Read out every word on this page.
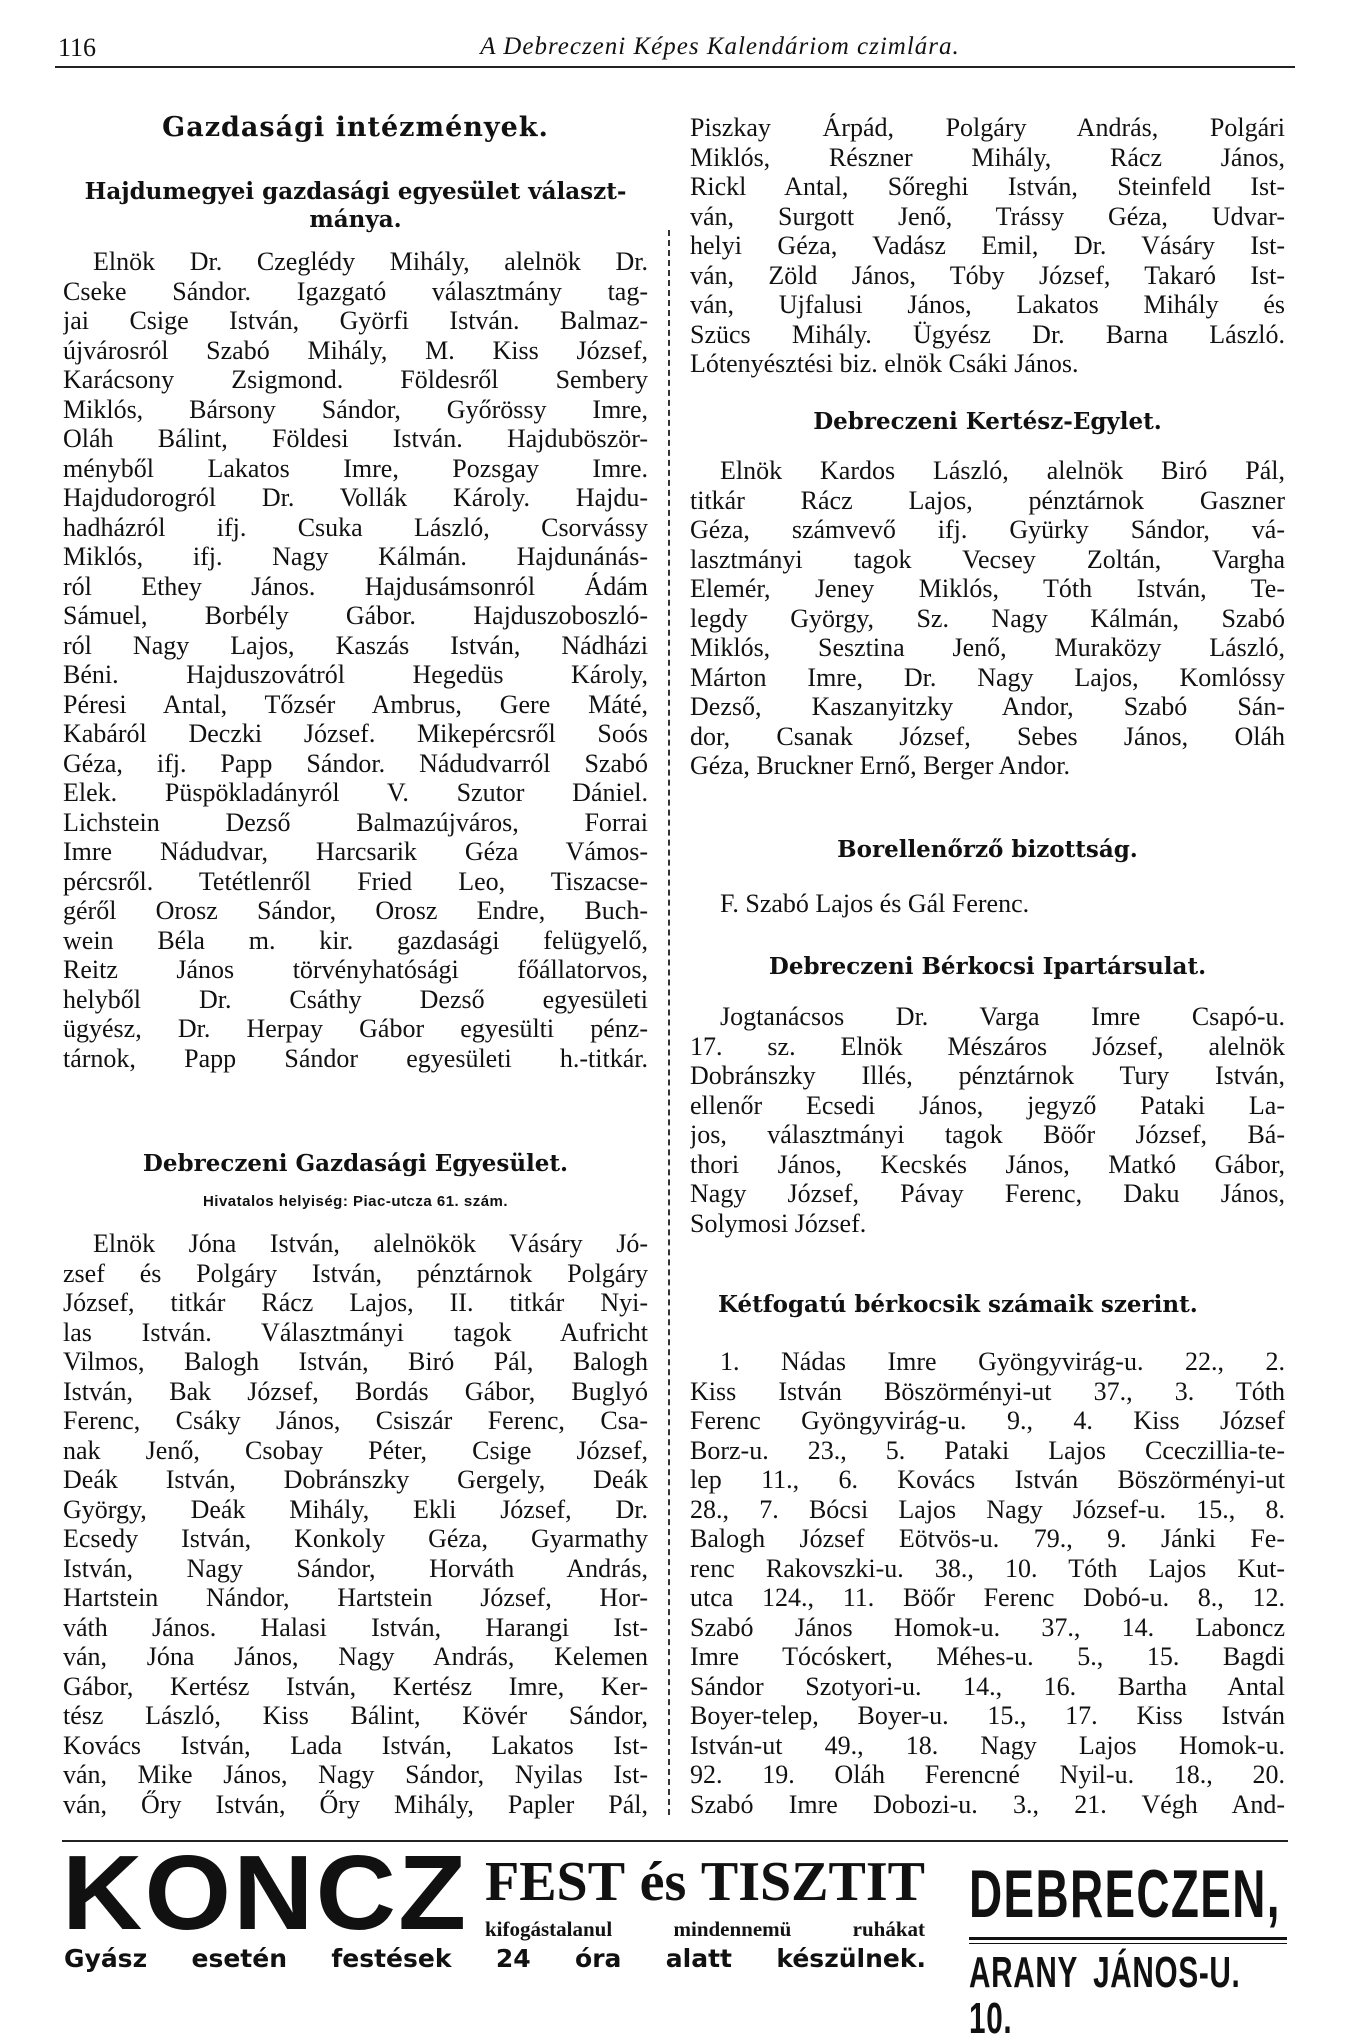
116	A Debreczeni Képes Kalendáriom czimlára.
Gazdasági intézmények.
Hajdumegyei gazdasági egyesület választ-
mánya.
Elnök Dr. Czeglédy Mihály, alelnök Dr.
Cseke Sándor. Igazgató választmány tag-
jai Csige István, Györfi István. Balmaz-
újvárosról Szabó Mihály, M. Kiss József,
Karácsony Zsigmond. Földesről Sembery
Miklós, Bársony Sándor, Győrössy Imre,
Oláh Bálint, Földesi István. Hajduböször-
ményből Lakatos Imre, Pozsgay Imre.
Hajdudorogról Dr. Vollák Károly. Hajdu-
hadházról ifj. Csuka László, Csorvássy
Miklós, ifj. Nagy Kálmán. Hajdunánás-
ról Ethey János. Hajdusámsonról Ádám
Sámuel, Borbély Gábor. Hajduszoboszló-
ról Nagy Lajos, Kaszás István, Nádházi
Béni. Hajduszovátról Hegedüs Károly,
Péresi Antal, Tőzsér Ambrus, Gere Máté,
Kabáról Deczki József. Mikepércsről Soós
Géza, ifj. Papp Sándor. Nádudvarról Szabó
Elek. Püspökladányról V. Szutor Dániel.
Lichstein Dezső Balmazújváros, Forrai
Imre Nádudvar, Harcsarik Géza Vámos-
pércsről. Tetétlenről Fried Leo, Tiszacse-
géről Orosz Sándor, Orosz Endre, Buch-
wein Béla m. kir. gazdasági felügyelő,
Reitz János törvényhatósági főállatorvos,
helyből Dr. Csáthy Dezső egyesületi
ügyész, Dr. Herpay Gábor egyesülti pénz-
tárnok, Papp Sándor egyesületi h.-titkár.
Debreczeni Gazdasági Egyesület.
Hivatalos helyiség: Piac-utcza 61. szám.
Elnök Jóna István, alelnökök Vásáry Jó-
zsef és Polgáry István, pénztárnok Polgáry
József, titkár Rácz Lajos, II. titkár Nyi-
las István. Választmányi tagok Aufricht
Vilmos, Balogh István, Biró Pál, Balogh
István, Bak József, Bordás Gábor, Buglyó
Ferenc, Csáky János, Csiszár Ferenc, Csa-
nak Jenő, Csobay Péter, Csige József,
Deák István, Dobránszky Gergely, Deák
György, Deák Mihály, Ekli József, Dr.
Ecsedy István, Konkoly Géza, Gyarmathy
István, Nagy Sándor, Horváth András,
Hartstein Nándor, Hartstein József, Hor-
váth János. Halasi István, Harangi Ist-
ván, Jóna János, Nagy András, Kelemen
Gábor, Kertész István, Kertész Imre, Ker-
tész László, Kiss Bálint, Kövér Sándor,
Kovács István, Lada István, Lakatos Ist-
ván, Mike János, Nagy Sándor, Nyilas Ist-
ván, Őry István, Őry Mihály, Papler Pál,
Piszkay Árpád, Polgáry András, Polgári
Miklós, Részner Mihály, Rácz János,
Rickl Antal, Sőreghi István, Steinfeld Ist-
ván, Surgott Jenő, Trássy Géza, Udvar-
helyi Géza, Vadász Emil, Dr. Vásáry Ist-
ván, Zöld János, Tóby József, Takaró Ist-
ván, Ujfalusi János, Lakatos Mihály és
Szücs Mihály. Ügyész Dr. Barna László.
Lótenyésztési biz. elnök Csáki János.
Debreczeni Kertész-Egylet.
Elnök Kardos László, alelnök Biró Pál,
titkár Rácz Lajos, pénztárnok Gaszner
Géza, számvevő ifj. Gyürky Sándor, vá-
lasztmányi tagok Vecsey Zoltán, Vargha
Elemér, Jeney Miklós, Tóth István, Te-
legdy György, Sz. Nagy Kálmán, Szabó
Miklós, Sesztina Jenő, Muraközy László,
Márton Imre, Dr. Nagy Lajos, Komlóssy
Dezső, Kaszanyitzky Andor, Szabó Sán-
dor, Csanak József, Sebes János, Oláh
Géza, Bruckner Ernő, Berger Andor.
Borellenőrző bizottság.
F. Szabó Lajos és Gál Ferenc.
Debreczeni Bérkocsi Ipartársulat.
Jogtanácsos Dr. Varga Imre Csapó-u.
17. sz. Elnök Mészáros József, alelnök
Dobránszky Illés, pénztárnok Tury István,
ellenőr Ecsedi János, jegyző Pataki La-
jos, választmányi tagok Böőr József, Bá-
thori János, Kecskés János, Matkó Gábor,
Nagy József, Pávay Ferenc, Daku János,
Solymosi József.
Kétfogatú bérkocsik számaik szerint.
1. Nádas Imre Gyöngyvirág-u. 22., 2.
Kiss István Böszörményi-ut 37., 3. Tóth
Ferenc Gyöngyvirág-u. 9., 4. Kiss József
Borz-u. 23., 5. Pataki Lajos Cceczillia-te-
lep 11., 6. Kovács István Böszörményi-ut
28., 7. Bócsi Lajos Nagy József-u. 15., 8.
Balogh József Eötvös-u. 79., 9. Jánki Fe-
renc Rakovszki-u. 38., 10. Tóth Lajos Kut-
utca 124., 11. Böőr Ferenc Dobó-u. 8., 12.
Szabó János Homok-u. 37., 14. Laboncz
Imre Tócóskert, Méhes-u. 5., 15. Bagdi
Sándor Szotyori-u. 14., 16. Bartha Antal
Boyer-telep, Boyer-u. 15., 17. Kiss István
István-ut 49., 18. Nagy Lajos Homok-u.
92. 19. Oláh Ferencné Nyil-u. 18., 20.
Szabó Imre Dobozi-u. 3., 21. Végh And-
KONCZ FEST és TISZTIT
kifogástalanul mindennemü ruhákat
Gyász esetén festések 24 óra alatt készülnek.
DEBRECZEN,
ARANY JÁNOS-U. 10.
